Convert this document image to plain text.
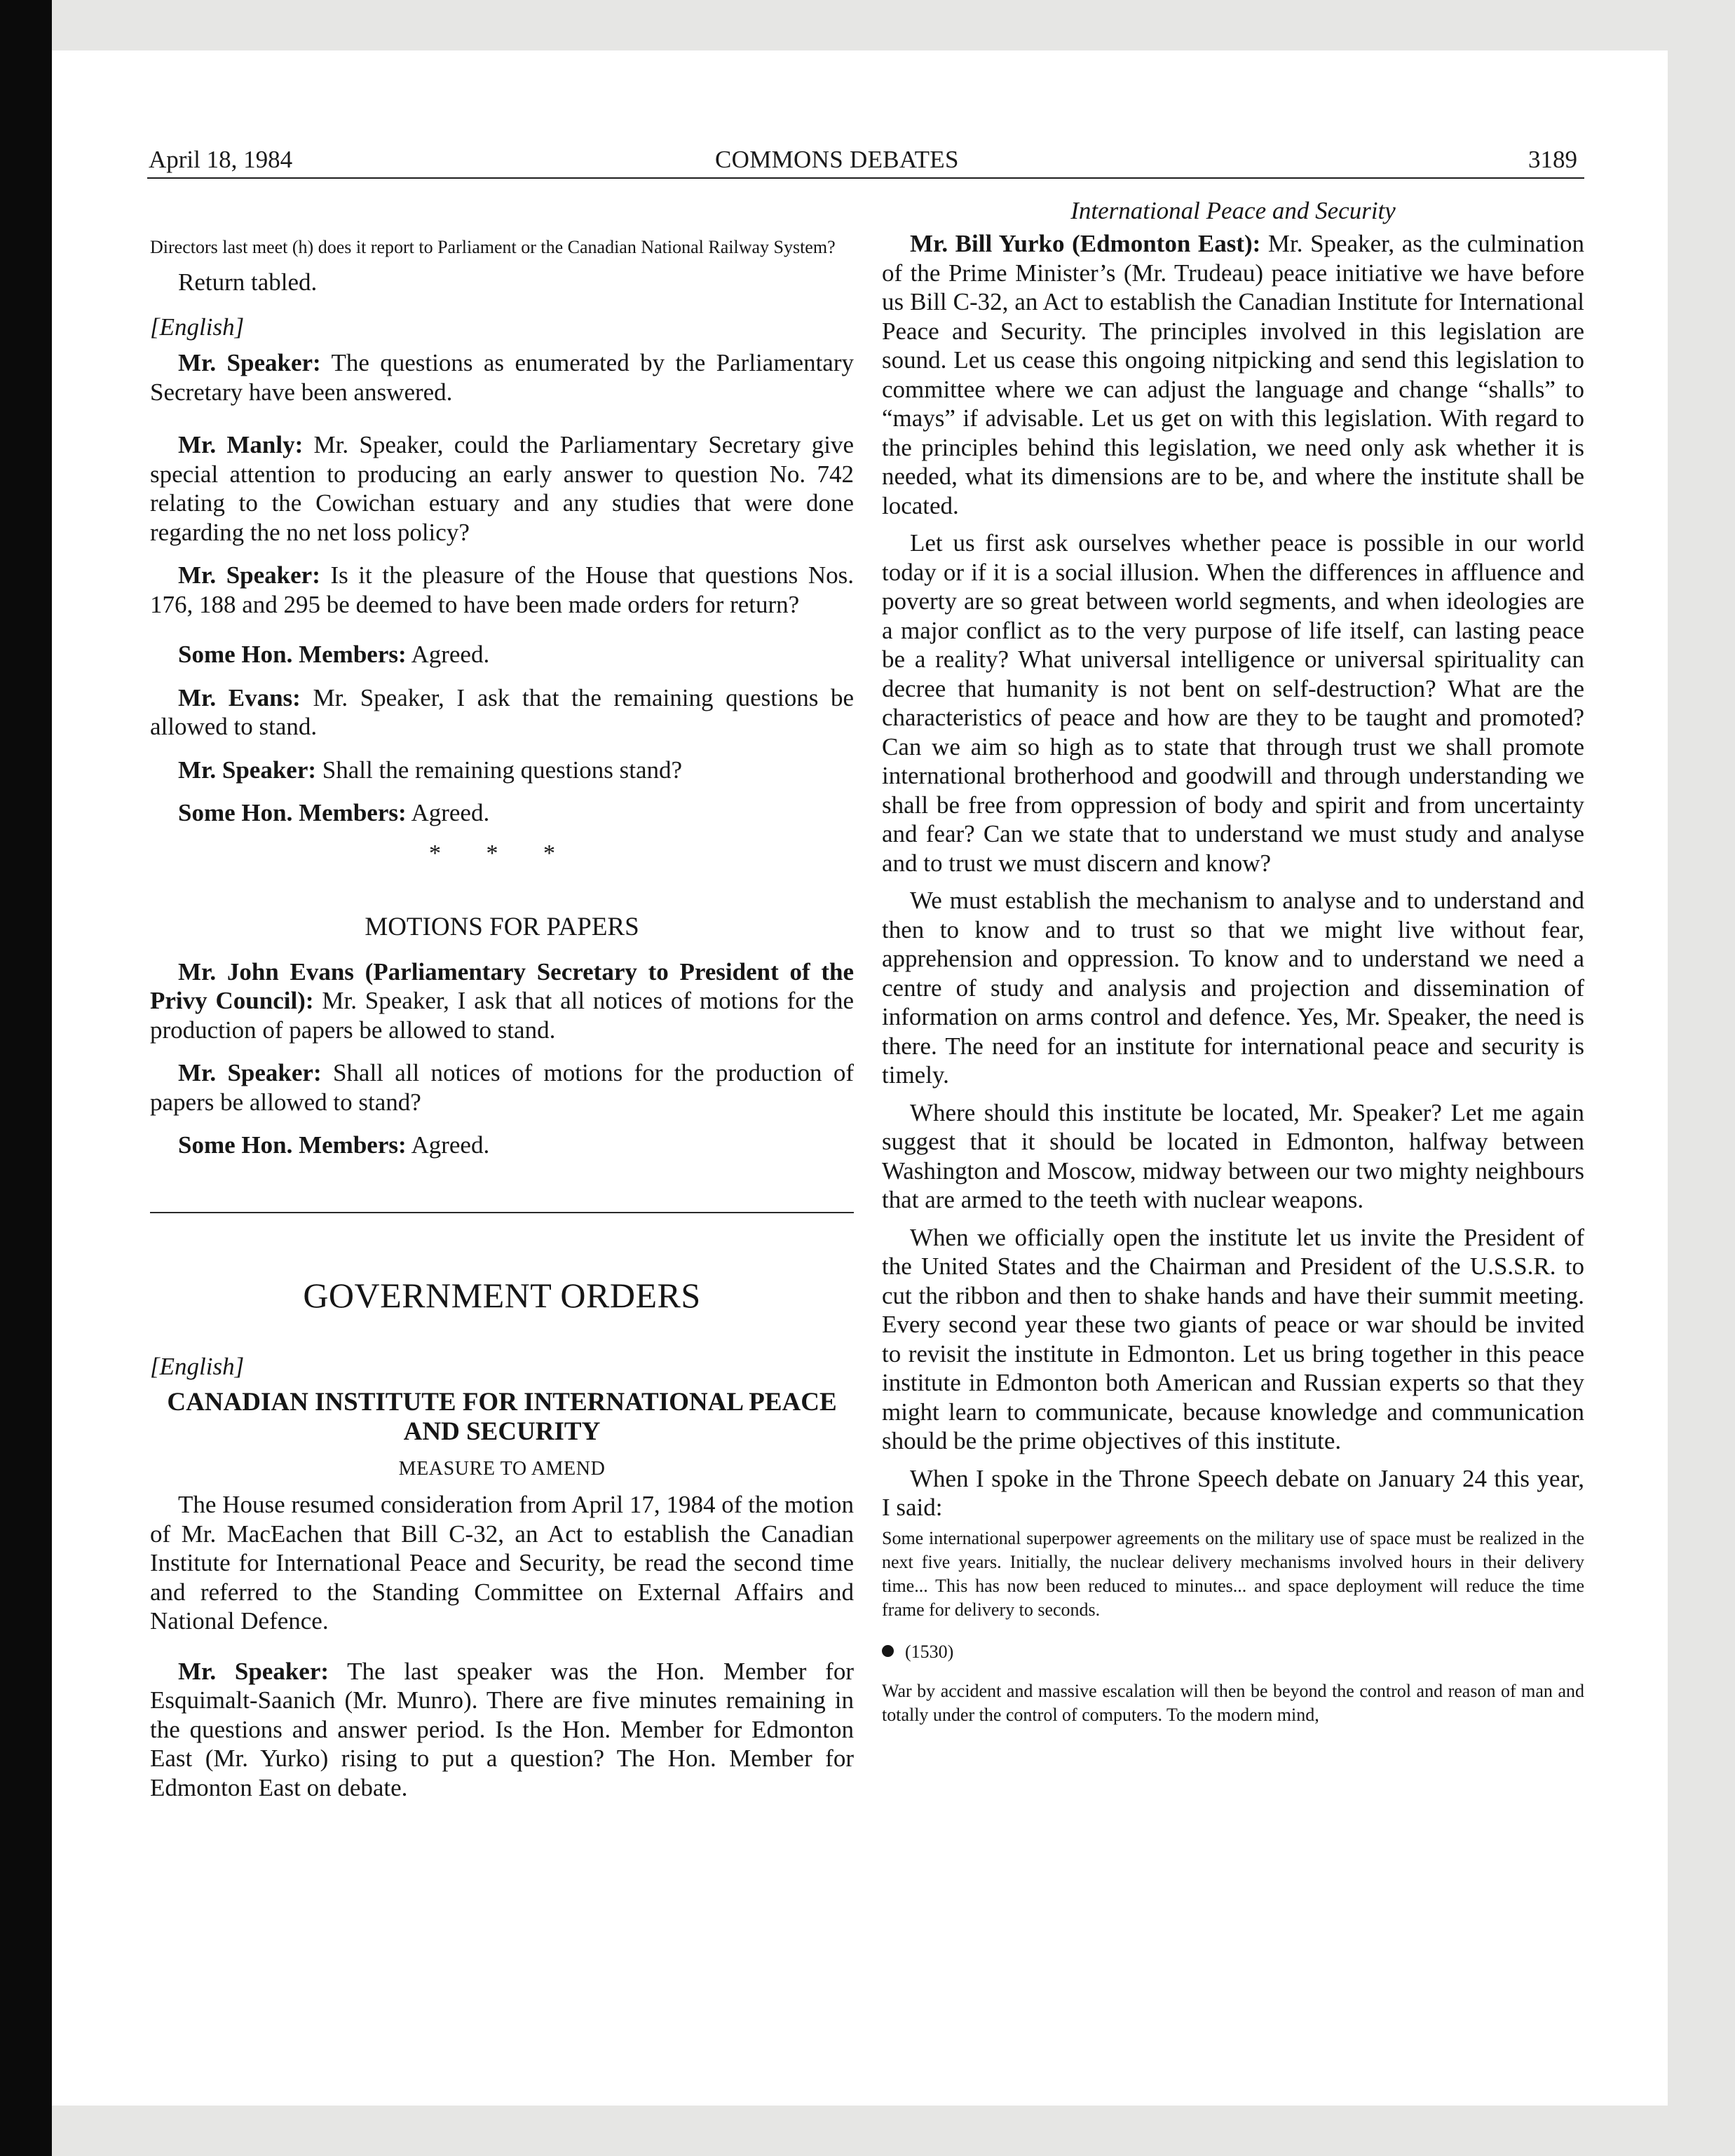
April 18, 1984	COMMONS DEBATES	3189

Directors last meet (h) does it report to Parliament or the Canadian National Railway System?

Return tabled.

[English]

Mr. Speaker: The questions as enumerated by the Parliamentary Secretary have been answered.

Mr. Manly: Mr. Speaker, could the Parliamentary Secretary give special attention to producing an early answer to question No. 742 relating to the Cowichan estuary and any studies that were done regarding the no net loss policy?

Mr. Speaker: Is it the pleasure of the House that questions Nos. 176, 188 and 295 be deemed to have been made orders for return?

Some Hon. Members: Agreed.

Mr. Evans: Mr. Speaker, I ask that the remaining questions be allowed to stand.

Mr. Speaker: Shall the remaining questions stand?

Some Hon. Members: Agreed.

* * *
MOTIONS FOR PAPERS

Mr. John Evans (Parliamentary Secretary to President of the Privy Council): Mr. Speaker, I ask that all notices of motions for the production of papers be allowed to stand.

Mr. Speaker: Shall all notices of motions for the production of papers be allowed to stand?

Some Hon. Members: Agreed.

GOVERNMENT ORDERS

[English]

CANADIAN INSTITUTE FOR INTERNATIONAL PEACE AND SECURITY
MEASURE TO AMEND

The House resumed consideration from April 17, 1984 of the motion of Mr. MacEachen that Bill C-32, an Act to establish the Canadian Institute for International Peace and Security, be read the second time and referred to the Standing Committee on External Affairs and National Defence.

Mr. Speaker: The last speaker was the Hon. Member for Esquimalt-Saanich (Mr. Munro). There are five minutes remaining in the questions and answer period. Is the Hon. Member for Edmonton East (Mr. Yurko) rising to put a question? The Hon. Member for Edmonton East on debate.

International Peace and Security

Mr. Bill Yurko (Edmonton East): Mr. Speaker, as the culmination of the Prime Minister’s (Mr. Trudeau) peace initiative we have before us Bill C-32, an Act to establish the Canadian Institute for International Peace and Security. The principles involved in this legislation are sound. Let us cease this ongoing nitpicking and send this legislation to committee where we can adjust the language and change “shalls” to “mays” if advisable. Let us get on with this legislation. With regard to the principles behind this legislation, we need only ask whether it is needed, what its dimensions are to be, and where the institute shall be located.

Let us first ask ourselves whether peace is possible in our world today or if it is a social illusion. When the differences in affluence and poverty are so great between world segments, and when ideologies are a major conflict as to the very purpose of life itself, can lasting peace be a reality? What universal intelligence or universal spirituality can decree that humanity is not bent on self-destruction? What are the characteristics of peace and how are they to be taught and promoted? Can we aim so high as to state that through trust we shall promote international brotherhood and goodwill and through understanding we shall be free from oppression of body and spirit and from uncertainty and fear? Can we state that to understand we must study and analyse and to trust we must discern and know?

We must establish the mechanism to analyse and to understand and then to know and to trust so that we might live without fear, apprehension and oppression. To know and to understand we need a centre of study and analysis and projection and dissemination of information on arms control and defence. Yes, Mr. Speaker, the need is there. The need for an institute for international peace and security is timely.

Where should this institute be located, Mr. Speaker? Let me again suggest that it should be located in Edmonton, halfway between Washington and Moscow, midway between our two mighty neighbours that are armed to the teeth with nuclear weapons.

When we officially open the institute let us invite the President of the United States and the Chairman and President of the U.S.S.R. to cut the ribbon and then to shake hands and have their summit meeting. Every second year these two giants of peace or war should be invited to revisit the institute in Edmonton. Let us bring together in this peace institute in Edmonton both American and Russian experts so that they might learn to communicate, because knowledge and communication should be the prime objectives of this institute.

When I spoke in the Throne Speech debate on January 24 this year, I said:

Some international superpower agreements on the military use of space must be realized in the next five years. Initially, the nuclear delivery mechanisms involved hours in their delivery time... This has now been reduced to minutes... and space deployment will reduce the time frame for delivery to seconds.

(1530)

War by accident and massive escalation will then be beyond the control and reason of man and totally under the control of computers. To the modern mind,
